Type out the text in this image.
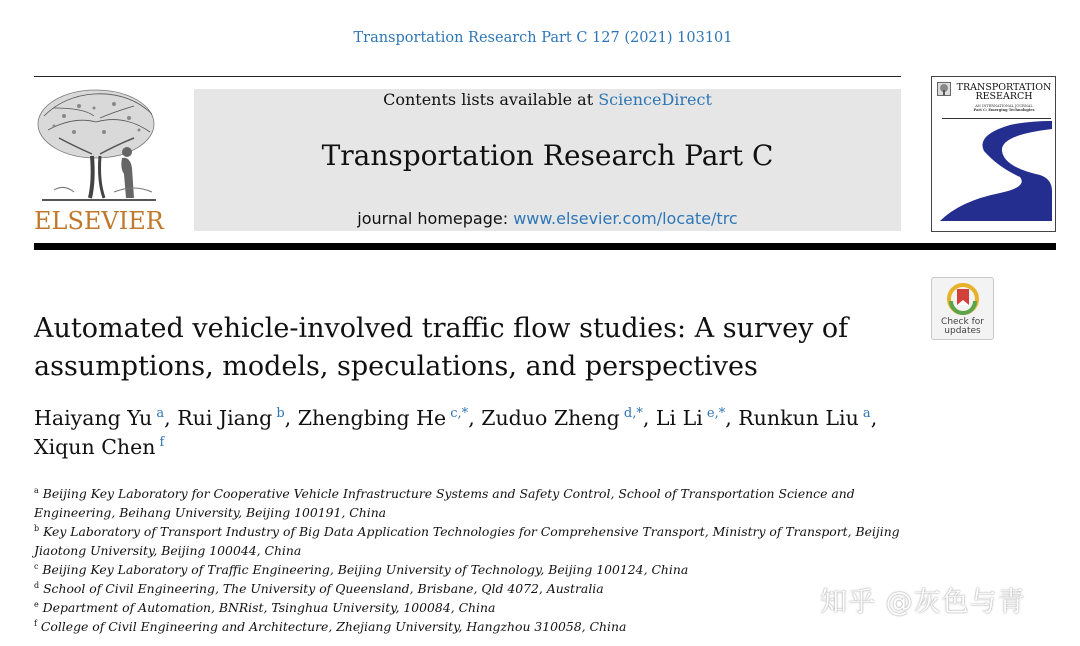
Transportation Research Part C 127 (2021) 103101
ELSEVIER
Contents lists available at ScienceDirect
Transportation Research Part C
journal homepage: www.elsevier.com/locate/trc
TRANSPORTATION
RESEARCH
AN INTERNATIONAL JOURNAL
Part C: Emerging Technologies
Check for
updates
Automated vehicle-involved traffic flow studies: A survey of assumptions, models, speculations, and perspectives
Haiyang Yu  $^a$, Rui Jiang  $^b$, Zhengbing He  $^{c,*}$, Zuduo Zheng  $^{d,*}$, Li Li  $^{e,*}$, Runkun Liu  $^a$,
Xiqun Chen  $^f$
$^a$ Beijing Key Laboratory for Cooperative Vehicle Infrastructure Systems and Safety Control, School of Transportation Science and Engineering, Beihang University, Beijing 100191, China
$^b$ Key Laboratory of Transport Industry of Big Data Application Technologies for Comprehensive Transport, Ministry of Transport, Beijing Jiaotong University, Beijing 100044, China
$^c$ Beijing Key Laboratory of Traffic Engineering, Beijing University of Technology, Beijing 100124, China
$^d$ School of Civil Engineering, The University of Queensland, Brisbane, Qld 4072, Australia
$^e$ Department of Automation, BNRist, Tsinghua University, 100084, China
$^f$ College of Civil Engineering and Architecture, Zhejiang University, Hangzhou 310058, China
知乎 @灰色与青
